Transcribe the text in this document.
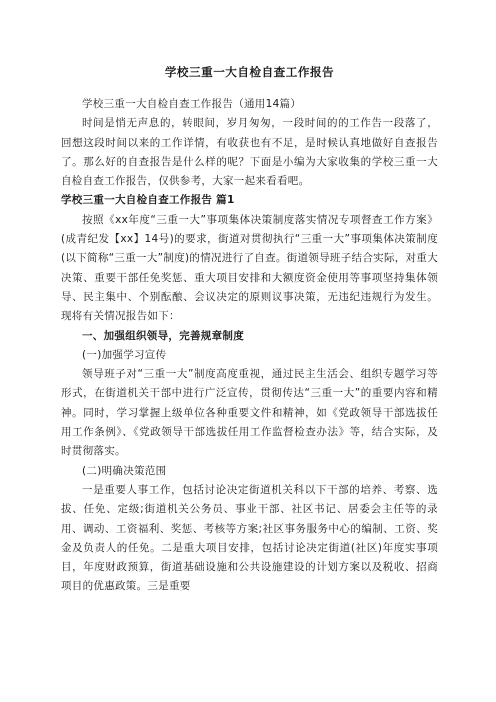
学校三重一大自检自查工作报告

学校三重一大自检自查工作报告（通用14篇）

时间是悄无声息的，转眼间，岁月匆匆，一段时间的的工作告一段落了，回想这段时间以来的工作详情，有收获也有不足，是时候认真地做好自查报告了。那么好的自查报告是什么样的呢？下面是小编为大家收集的学校三重一大自检自查工作报告，仅供参考，大家一起来看看吧。

学校三重一大自检自查工作报告 篇1

按照《xx年度“三重一大”事项集体决策制度落实情况专项督查工作方案》(成青纪发【xx】14号)的要求，街道对贯彻执行“三重一大”事项集体决策制度(以下简称“三重一大”制度)的情况进行了自查。街道领导班子结合实际，对重大决策、重要干部任免奖惩、重大项目安排和大额度资金使用等事项坚持集体领导、民主集中、个别酝酿、会议决定的原则议事决策，无违纪违规行为发生。现将有关情况报告如下：

一、加强组织领导，完善规章制度

(一)加强学习宣传

领导班子对“三重一大”制度高度重视，通过民主生活会、组织专题学习等形式，在街道机关干部中进行广泛宣传，贯彻传达“三重一大”的重要内容和精神。同时，学习掌握上级单位各种重要文件和精神，如《党政领导干部选拔任用工作条例》、《党政领导干部选拔任用工作监督检查办法》等，结合实际，及时贯彻落实。

(二)明确决策范围

一是重要人事工作，包括讨论决定街道机关科以下干部的培养、考察、选拔、任免、定级;街道机关公务员、事业干部、社区书记、居委会主任等的录用、调动、工资福利、奖惩、考核等方案;社区事务服务中心的编制、工资、奖金及负责人的任免。二是重大项目安排，包括讨论决定街道(社区)年度实事项目，年度财政预算，街道基础设施和公共设施建设的计划方案以及税收、招商项目的优惠政策。三是重要
